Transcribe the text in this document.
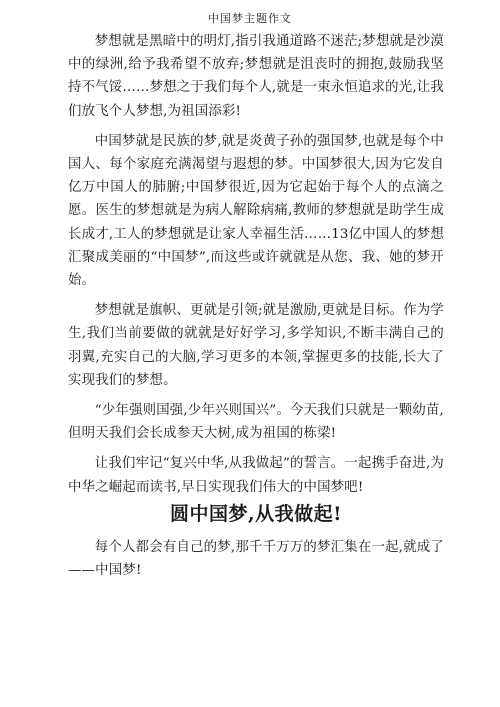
中国梦主题作文

梦想就是黑暗中的明灯,指引我通道路不迷茫;梦想就是沙漠中的绿洲,给予我希望不放弃;梦想就是沮丧时的拥抱,鼓励我坚持不气馁……梦想之于我们每个人,就是一束永恒追求的光,让我们放飞个人梦想,为祖国添彩!

中国梦就是民族的梦,就是炎黄子孙的强国梦,也就是每个中国人、每个家庭充满渴望与遐想的梦。中国梦很大,因为它发自亿万中国人的肺腑;中国梦很近,因为它起始于每个人的点滴之愿。医生的梦想就是为病人解除病痛,教师的梦想就是助学生成长成才,工人的梦想就是让家人幸福生活……13亿中国人的梦想汇聚成美丽的“中国梦”,而这些或许就就是从您、我、她的梦开始。

梦想就是旗帜、更就是引领;就是激励,更就是目标。作为学生,我们当前要做的就就是好好学习,多学知识,不断丰满自己的羽翼,充实自己的大脑,学习更多的本领,掌握更多的技能,长大了实现我们的梦想。

“少年强则国强,少年兴则国兴”。今天我们只就是一颗幼苗,但明天我们会长成参天大树,成为祖国的栋梁!

让我们牢记“复兴中华,从我做起”的誓言。一起携手奋进,为中华之崛起而读书,早日实现我们伟大的中国梦吧!

圆中国梦,从我做起!

每个人都会有自己的梦,那千千万万的梦汇集在一起,就成了——中国梦!
